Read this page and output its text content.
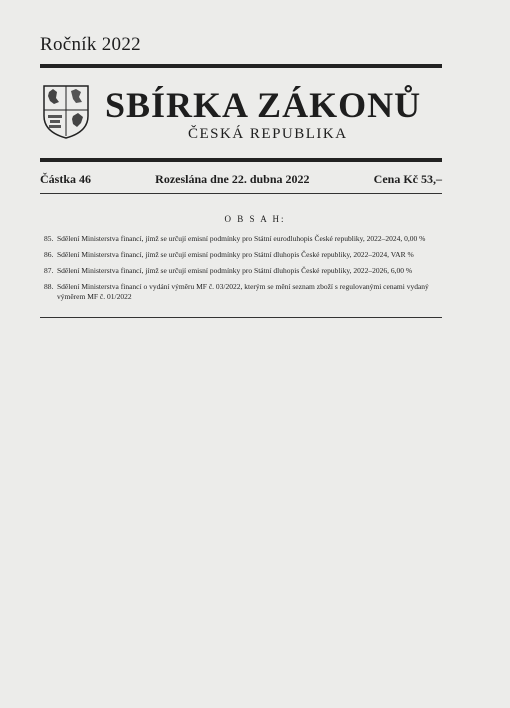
Ročník 2022
SBÍRKA ZÁKONŮ
ČESKÁ REPUBLIKA
Částka 46	Rozeslána dne 22. dubna 2022	Cena Kč 53,–
O B S A H:
85. Sdělení Ministerstva financí, jímž se určují emisní podmínky pro Státní eurodluhopis České republiky, 2022–2024, 0,00 %
86. Sdělení Ministerstva financí, jímž se určují emisní podmínky pro Státní dluhopis České republiky, 2022–2024, VAR %
87. Sdělení Ministerstva financí, jímž se určují emisní podmínky pro Státní dluhopis České republiky, 2022–2026, 6,00 %
88. Sdělení Ministerstva financí o vydání výměru MF č. 03/2022, kterým se mění seznam zboží s regulovanými cenami vydaný výměrem MF č. 01/2022
